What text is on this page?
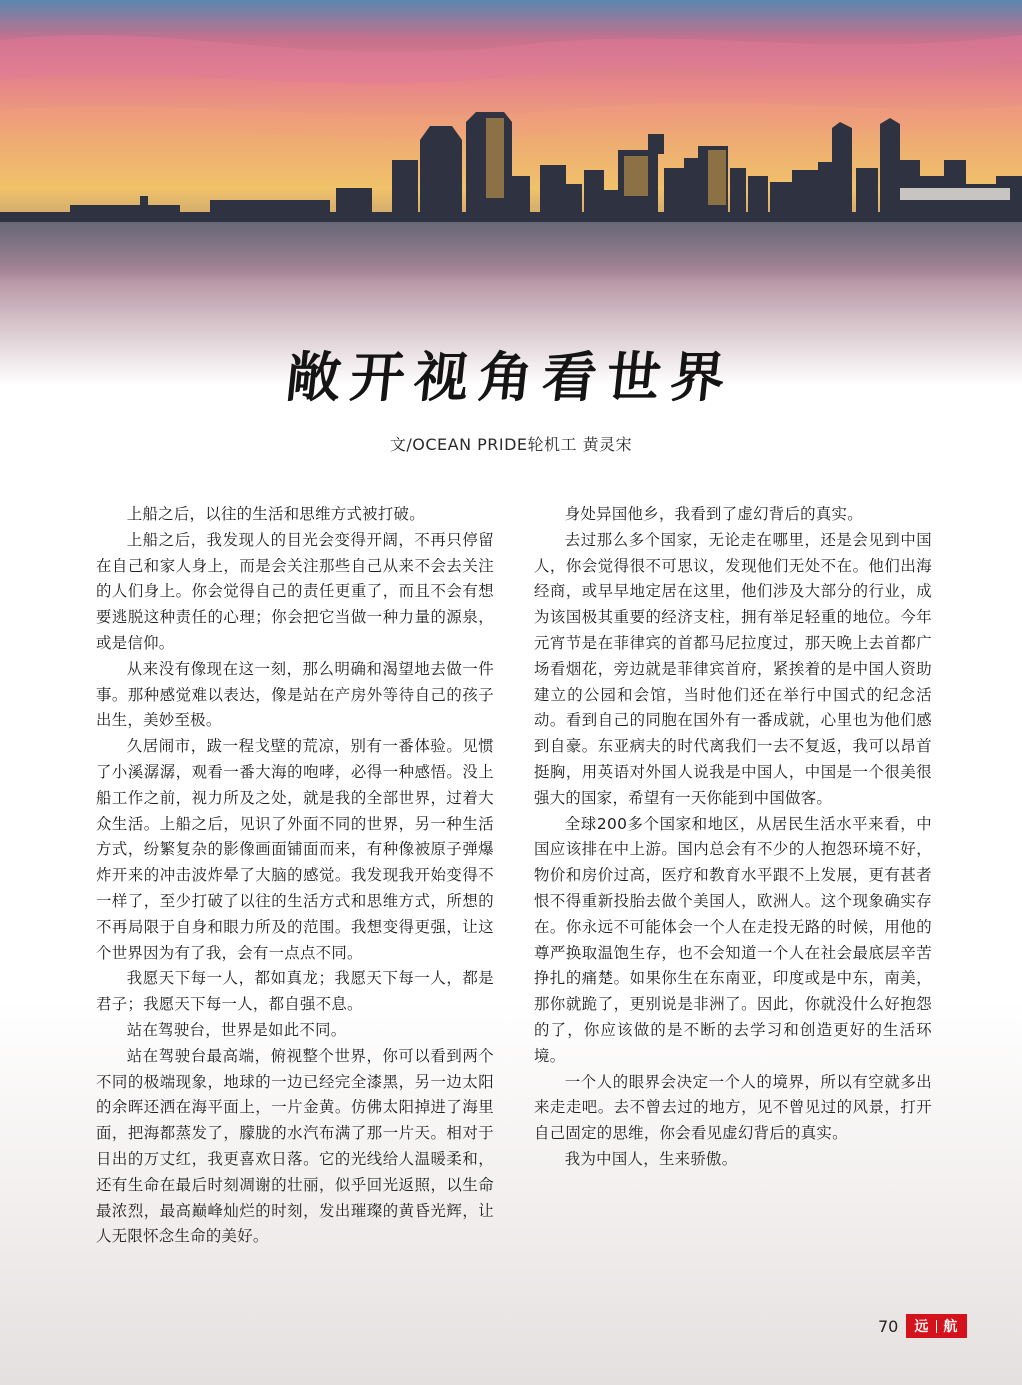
敞开视角看世界
文/OCEAN PRIDE轮机工 黄灵宋

上船之后，以往的生活和思维方式被打破。

上船之后，我发现人的目光会变得开阔，不再只停留在自己和家人身上，而是会关注那些自己从来不会去关注的人们身上。你会觉得自己的责任更重了，而且不会有想要逃脱这种责任的心理；你会把它当做一种力量的源泉，或是信仰。

从来没有像现在这一刻，那么明确和渴望地去做一件事。那种感觉难以表达，像是站在产房外等待自己的孩子出生，美妙至极。

久居闹市，跋一程戈壁的荒凉，别有一番体验。见惯了小溪潺潺，观看一番大海的咆哮，必得一种感悟。没上船工作之前，视力所及之处，就是我的全部世界，过着大众生活。上船之后，见识了外面不同的世界，另一种生活方式，纷繁复杂的影像画面铺面而来，有种像被原子弹爆炸开来的冲击波炸晕了大脑的感觉。我发现我开始变得不一样了，至少打破了以往的生活方式和思维方式，所想的不再局限于自身和眼力所及的范围。我想变得更强，让这个世界因为有了我，会有一点点不同。

我愿天下每一人，都如真龙；我愿天下每一人，都是君子；我愿天下每一人，都自强不息。

站在驾驶台，世界是如此不同。

站在驾驶台最高端，俯视整个世界，你可以看到两个不同的极端现象，地球的一边已经完全漆黑，另一边太阳的余晖还洒在海平面上，一片金黄。仿佛太阳掉进了海里面，把海都蒸发了，朦胧的水汽布满了那一片天。相对于日出的万丈红，我更喜欢日落。它的光线给人温暖柔和，还有生命在最后时刻凋谢的壮丽，似乎回光返照，以生命最浓烈，最高巅峰灿烂的时刻，发出璀璨的黄昏光辉，让人无限怀念生命的美好。

身处异国他乡，我看到了虚幻背后的真实。

去过那么多个国家，无论走在哪里，还是会见到中国人，你会觉得很不可思议，发现他们无处不在。他们出海经商，或早早地定居在这里，他们涉及大部分的行业，成为该国极其重要的经济支柱，拥有举足轻重的地位。今年元宵节是在菲律宾的首都马尼拉度过，那天晚上去首都广场看烟花，旁边就是菲律宾首府，紧挨着的是中国人资助建立的公园和会馆，当时他们还在举行中国式的纪念活动。看到自己的同胞在国外有一番成就，心里也为他们感到自豪。东亚病夫的时代离我们一去不复返，我可以昂首挺胸，用英语对外国人说我是中国人，中国是一个很美很强大的国家，希望有一天你能到中国做客。

全球200多个国家和地区，从居民生活水平来看，中国应该排在中上游。国内总会有不少的人抱怨环境不好，物价和房价过高，医疗和教育水平跟不上发展，更有甚者恨不得重新投胎去做个美国人，欧洲人。这个现象确实存在。你永远不可能体会一个人在走投无路的时候，用他的尊严换取温饱生存，也不会知道一个人在社会最底层辛苦挣扎的痛楚。如果你生在东南亚，印度或是中东，南美，那你就跪了，更别说是非洲了。因此，你就没什么好抱怨的了，你应该做的是不断的去学习和创造更好的生活环境。

一个人的眼界会决定一个人的境界，所以有空就多出来走走吧。去不曾去过的地方，见不曾见过的风景，打开自己固定的思维，你会看见虚幻背后的真实。

我为中国人，生来骄傲。

70 远 航
